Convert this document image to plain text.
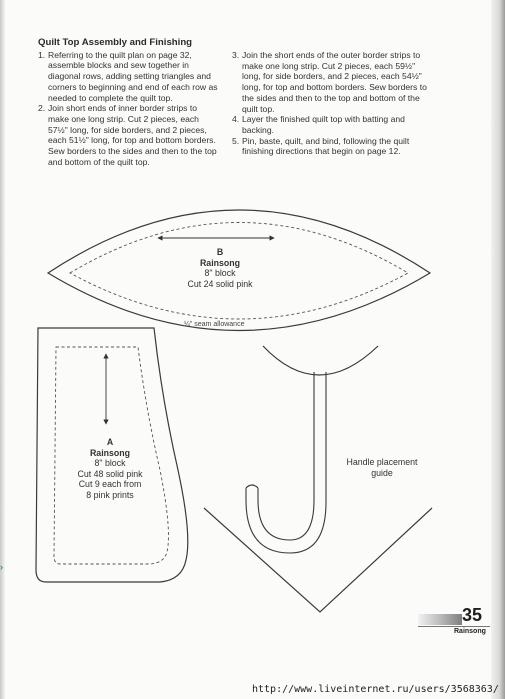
Quilt Top Assembly and Finishing
1. Referring to the quilt plan on page 32, assemble blocks and sew together in diagonal rows, adding setting triangles and corners to beginning and end of each row as needed to complete the quilt top.
2. Join short ends of inner border strips to make one long strip. Cut 2 pieces, each 57½" long, for side borders, and 2 pieces, each 51½" long, for top and bottom borders. Sew borders to the sides and then to the top and bottom of the quilt top.
3. Join the short ends of the outer border strips to make one long strip. Cut 2 pieces, each 59½" long, for side borders, and 2 pieces, each 54½" long, for top and bottom borders. Sew borders to the sides and then to the top and bottom of the quilt top.
4. Layer the finished quilt top with batting and backing.
5. Pin, baste, quilt, and bind, following the quilt finishing directions that begin on page 12.
B
Rainsong
8" block
Cut 24 solid pink
¼" seam allowance
A
Rainsong
8" block
Cut 48 solid pink
Cut 9 each from
8 pink prints
Handle placement
guide
35
Rainsong
›
http://www.liveinternet.ru/users/3568363/
